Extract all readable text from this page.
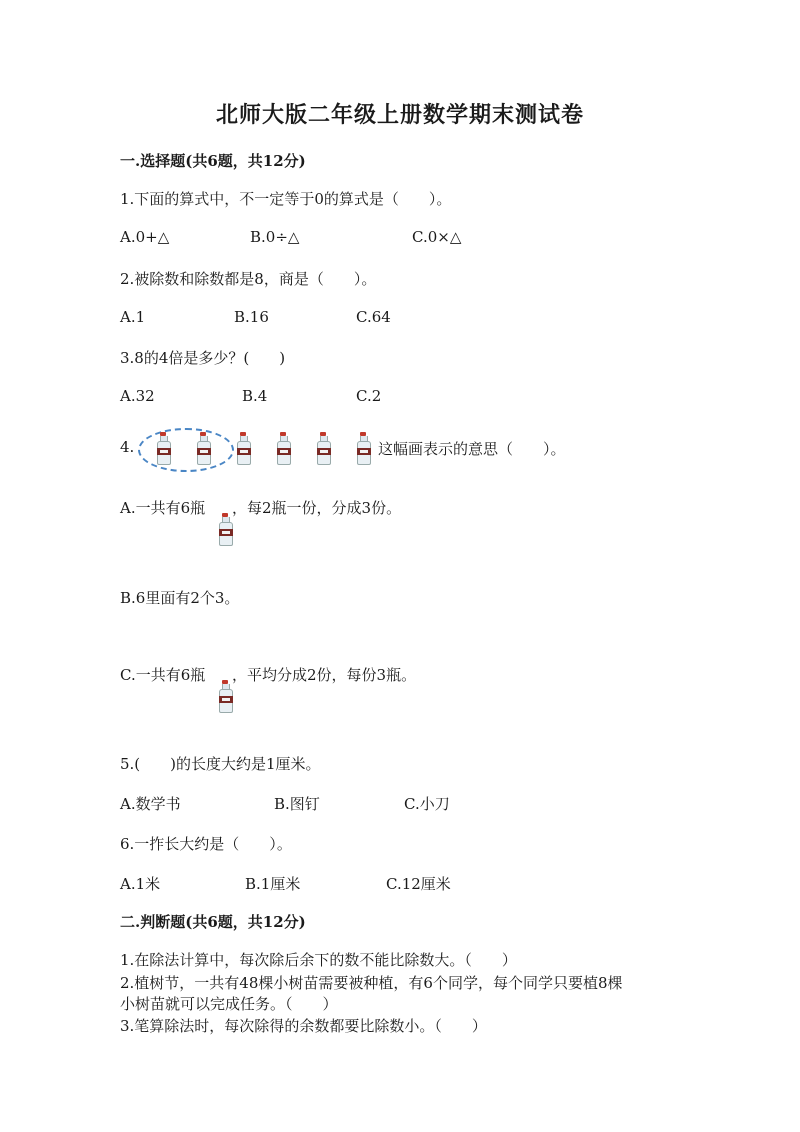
北师大版二年级上册数学期末测试卷
一.选择题(共6题，共12分)
1.下面的算式中，不一定等于0的算式是（　　）。
A.0+△	B.0÷△	C.0×△
2.被除数和除数都是8，商是（　　）。
A.1	B.16	C.64
3.8的4倍是多少？(　　)
A.32	B.4	C.2
4.	这幅画表示的意思（　　）。
A.一共有6瓶 ，每2瓶一份，分成3份。
B.6里面有2个3。
C.一共有6瓶 ，平均分成2份，每份3瓶。
5.(　　)的长度大约是1厘米。
A.数学书	B.图钉	C.小刀
6.一拃长大约是（　　）。
A.1米	B.1厘米	C.12厘米
二.判断题(共6题，共12分)
1.在除法计算中，每次除后余下的数不能比除数大。（　　）
2.植树节，一共有48棵小树苗需要被种植，有6个同学，每个同学只要植8棵
小树苗就可以完成任务。（　　）
3.笔算除法时，每次除得的余数都要比除数小。（　　）
